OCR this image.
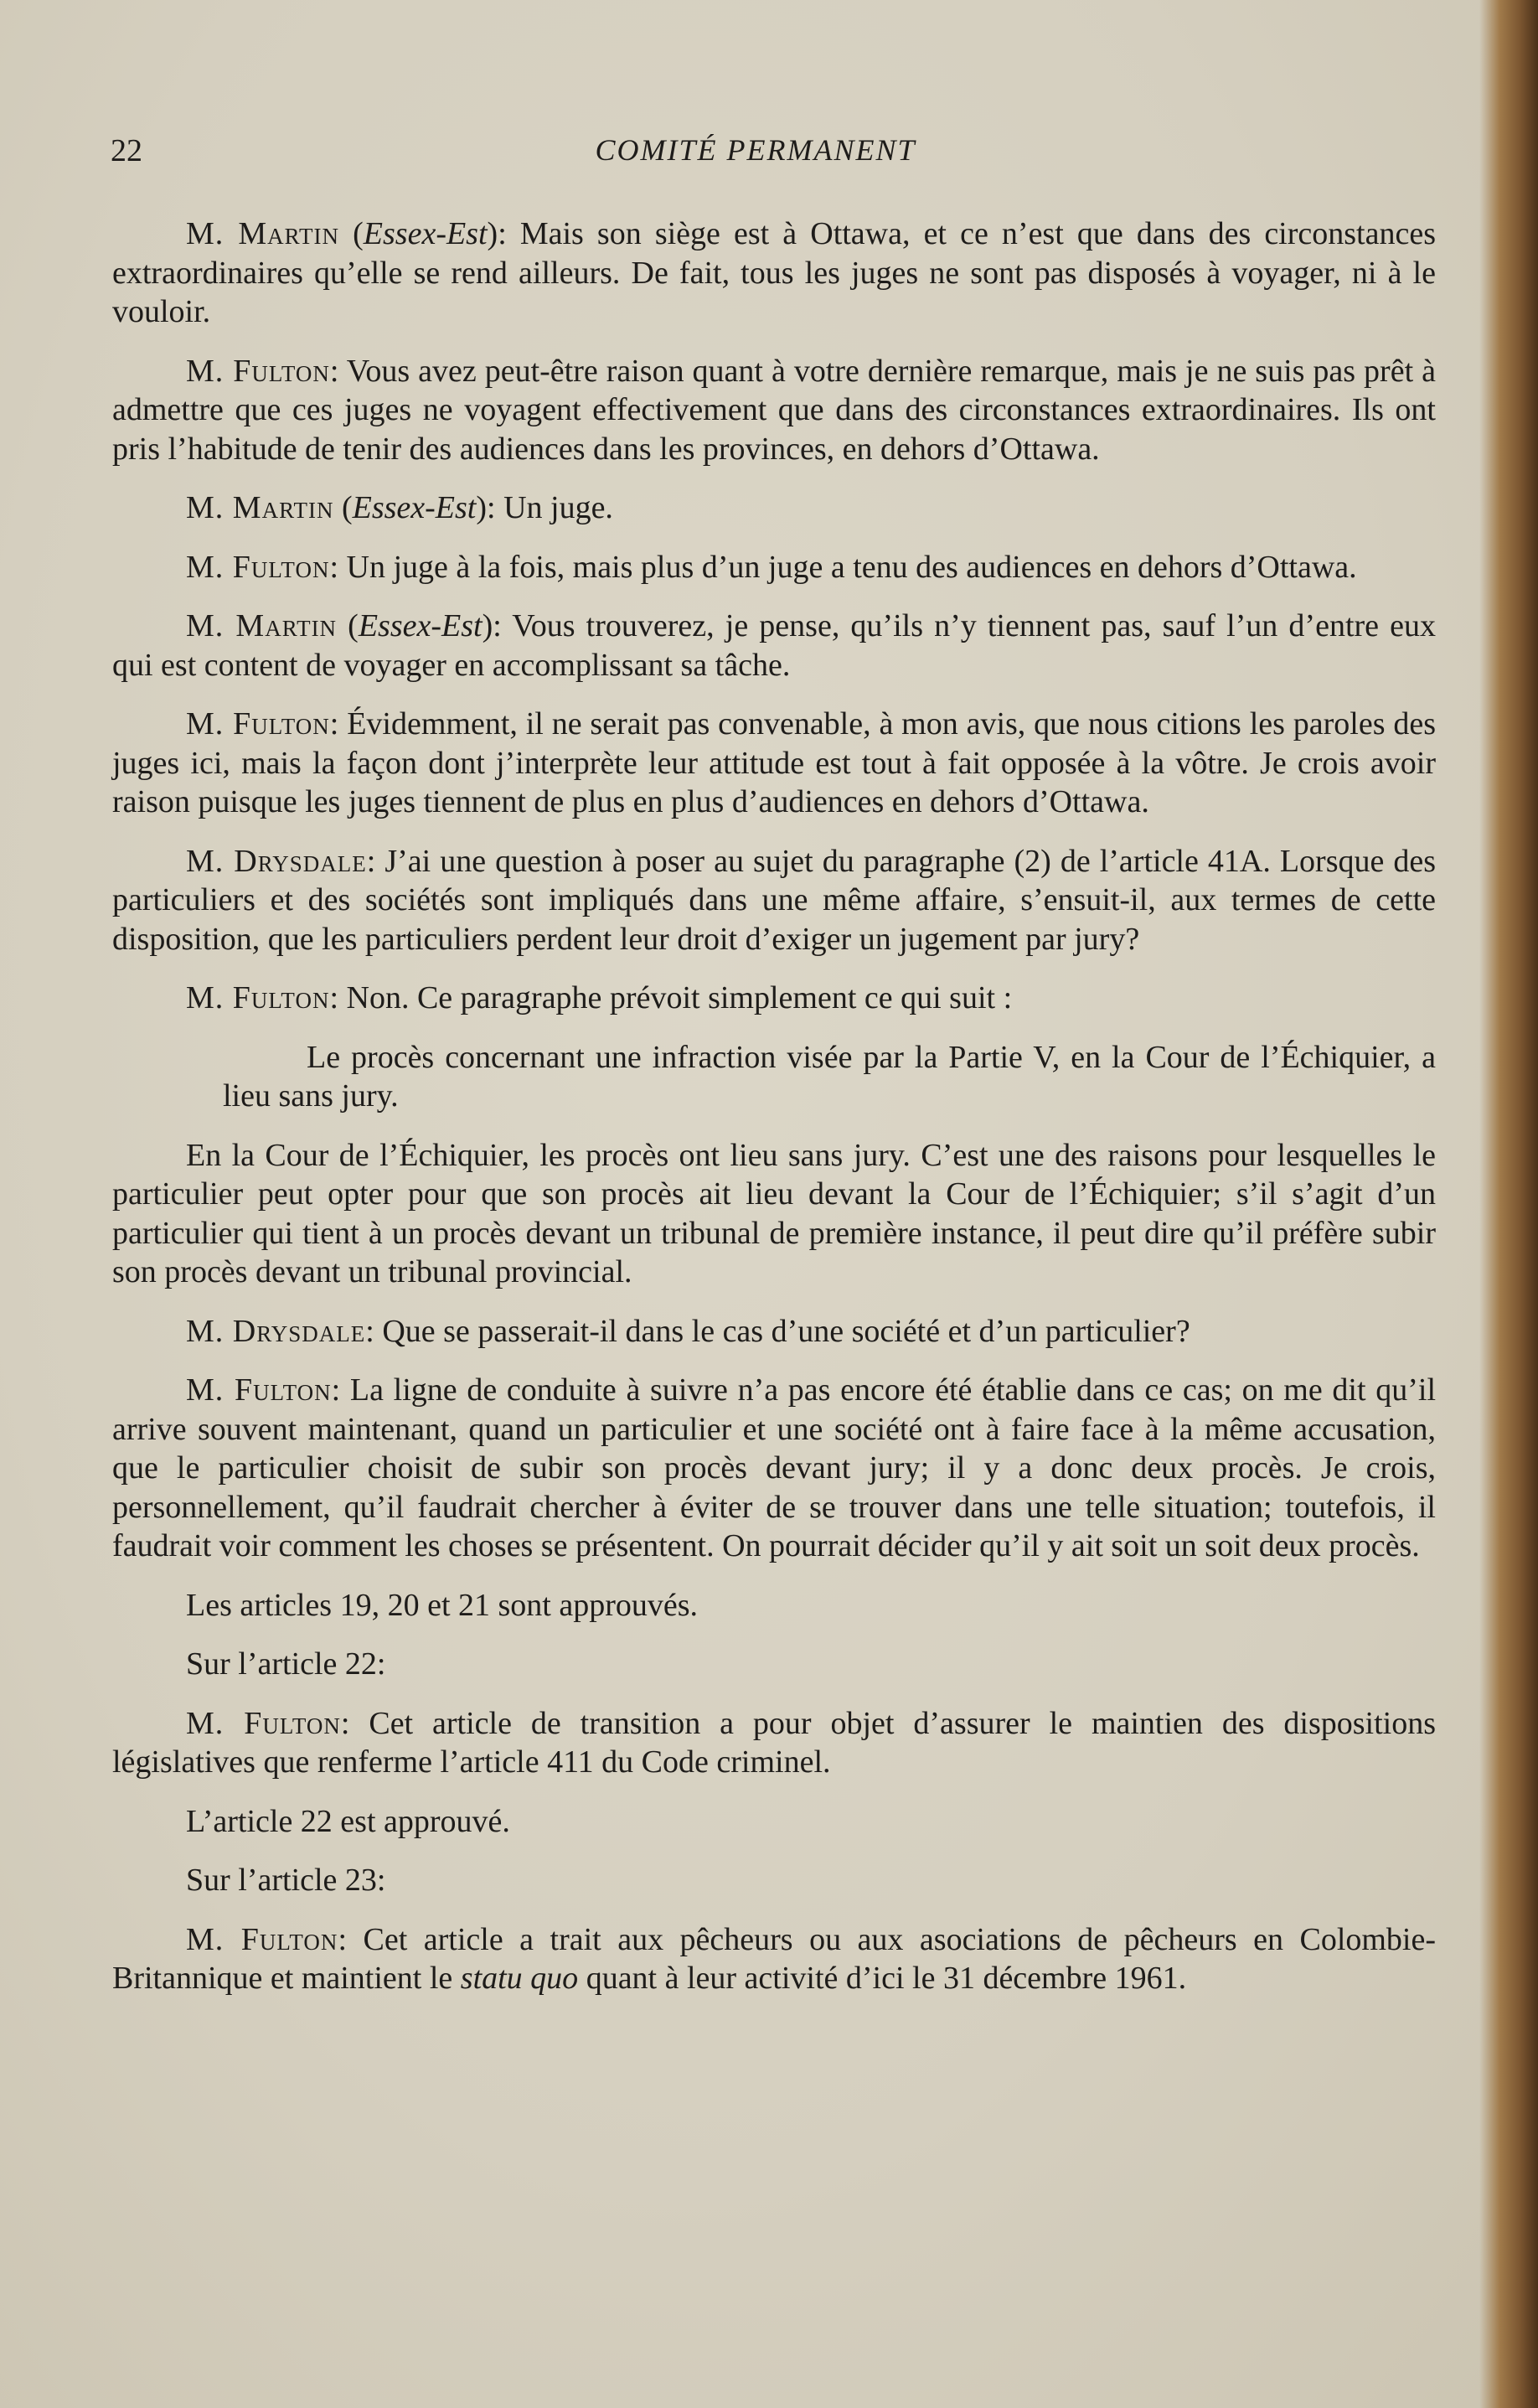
22	COMITÉ PERMANENT

M. Martin (Essex-Est): Mais son siège est à Ottawa, et ce n’est que dans des circonstances extraordinaires qu’elle se rend ailleurs. De fait, tous les juges ne sont pas disposés à voyager, ni à le vouloir.

M. Fulton: Vous avez peut-être raison quant à votre dernière remarque, mais je ne suis pas prêt à admettre que ces juges ne voyagent effectivement que dans des circonstances extraordinaires. Ils ont pris l’habitude de tenir des audiences dans les provinces, en dehors d’Ottawa.

M. Martin (Essex-Est): Un juge.

M. Fulton: Un juge à la fois, mais plus d’un juge a tenu des audiences en dehors d’Ottawa.

M. Martin (Essex-Est): Vous trouverez, je pense, qu’ils n’y tiennent pas, sauf l’un d’entre eux qui est content de voyager en accomplissant sa tâche.

M. Fulton: Évidemment, il ne serait pas convenable, à mon avis, que nous citions les paroles des juges ici, mais la façon dont j’interprète leur attitude est tout à fait opposée à la vôtre. Je crois avoir raison puisque les juges tiennent de plus en plus d’audiences en dehors d’Ottawa.

M. Drysdale: J’ai une question à poser au sujet du paragraphe (2) de l’article 41A. Lorsque des particuliers et des sociétés sont impliqués dans une même affaire, s’ensuit-il, aux termes de cette disposition, que les particuliers perdent leur droit d’exiger un jugement par jury?

M. Fulton: Non. Ce paragraphe prévoit simplement ce qui suit :

Le procès concernant une infraction visée par la Partie V, en la Cour de l’Échiquier, a lieu sans jury.

En la Cour de l’Échiquier, les procès ont lieu sans jury. C’est une des raisons pour lesquelles le particulier peut opter pour que son procès ait lieu devant la Cour de l’Échiquier; s’il s’agit d’un particulier qui tient à un procès devant un tribunal de première instance, il peut dire qu’il préfère subir son procès devant un tribunal provincial.

M. Drysdale: Que se passerait-il dans le cas d’une société et d’un particulier?

M. Fulton: La ligne de conduite à suivre n’a pas encore été établie dans ce cas; on me dit qu’il arrive souvent maintenant, quand un particulier et une société ont à faire face à la même accusation, que le particulier choisit de subir son procès devant jury; il y a donc deux procès. Je crois, personnellement, qu’il faudrait chercher à éviter de se trouver dans une telle situation; toutefois, il faudrait voir comment les choses se présentent. On pourrait décider qu’il y ait soit un soit deux procès.

Les articles 19, 20 et 21 sont approuvés.

Sur l’article 22:

M. Fulton: Cet article de transition a pour objet d’assurer le maintien des dispositions législatives que renferme l’article 411 du Code criminel.

L’article 22 est approuvé.

Sur l’article 23:

M. Fulton: Cet article a trait aux pêcheurs ou aux asociations de pêcheurs en Colombie-Britannique et maintient le statu quo quant à leur activité d’ici le 31 décembre 1961.
